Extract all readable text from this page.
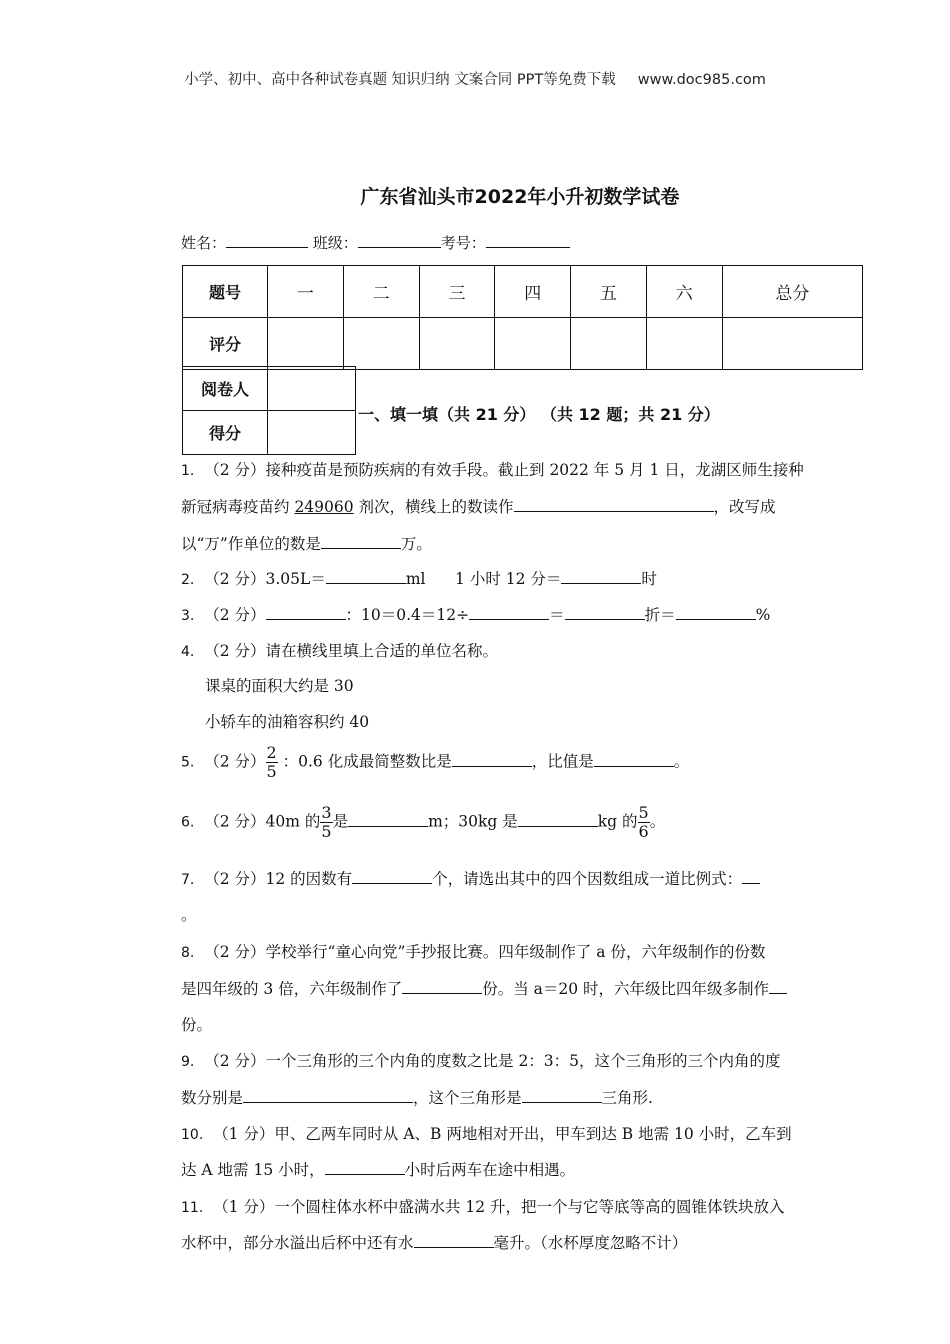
小学、初中、高中各种试卷真题 知识归纳 文案合同 PPT等免费下载 www.doc985.com
广东省汕头市2022年小升初数学试卷
姓名：	班级：	考号：
题号	一	二	三	四	五	六	总分
评分							
阅卷人	
得分	
一、填一填（共 21 分） （共 12 题；共 21 分）
1. （2 分）接种疫苗是预防疾病的有效手段。截止到 2022 年 5 月 1 日，龙湖区师生接种
新冠病毒疫苗约 249060 剂次，横线上的数读作	，改写成
以“万”作单位的数是	万。
2. （2 分）3.05L＝	ml 1 小时 12 分＝	时
3. （2 分）	：10＝0.4＝12÷	＝	折＝	%
4. （2 分）请在横线里填上合适的单位名称。
课桌的面积大约是 30
小轿车的油箱容积约 40
5. （2 分） $\frac{2}{5}$ ：0.6 化成最简整数比是	，比值是	。
6. （2 分）40m 的 $\frac{3}{5}$ 是	m；30kg 是	kg 的 $\frac{5}{6}$ 。
7. （2 分）12 的因数有	个，请选出其中的四个因数组成一道比例式：
。
8. （2 分）学校举行“童心向党”手抄报比赛。四年级制作了 a 份，六年级制作的份数
是四年级的 3 倍，六年级制作了	份。当 a＝20 时，六年级比四年级多制作
份。
9. （2 分）一个三角形的三个内角的度数之比是 2：3：5，这个三角形的三个内角的度
数分别是	，这个三角形是	三角形.
10. （1 分）甲、乙两车同时从 A、B 两地相对开出，甲车到达 B 地需 10 小时，乙车到
达 A 地需 15 小时，	小时后两车在途中相遇。
11. （1 分）一个圆柱体水杯中盛满水共 12 升，把一个与它等底等高的圆锥体铁块放入
水杯中，部分水溢出后杯中还有水	毫升。（水杯厚度忽略不计）
